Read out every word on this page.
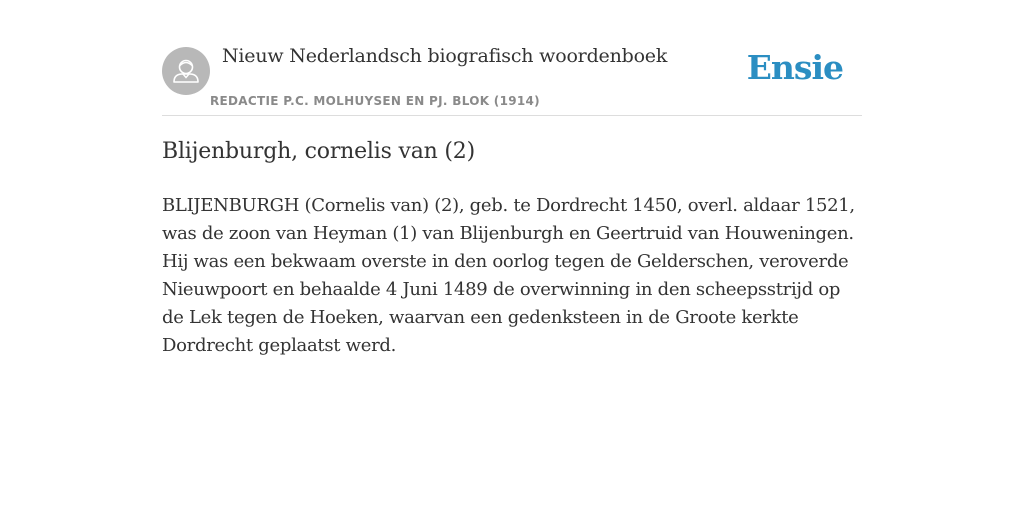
Nieuw Nederlandsch biografisch woordenboek
REDACTIE P.C. MOLHUYSEN EN PJ. BLOK (1914)
Ensie
Blijenburgh, cornelis van (2)

BLIJENBURGH (Cornelis van) (2), geb. te Dordrecht 1450, overl. aldaar 1521, was de zoon van Heyman (1) van Blijenburgh en Geertruid van Houweningen. Hij was een bekwaam overste in den oorlog tegen de Gelderschen, veroverde Nieuwpoort en behaalde 4 Juni 1489 de overwinning in den scheepsstrijd op de Lek tegen de Hoeken, waarvan een gedenksteen in de Groote kerkte Dordrecht geplaatst werd.
